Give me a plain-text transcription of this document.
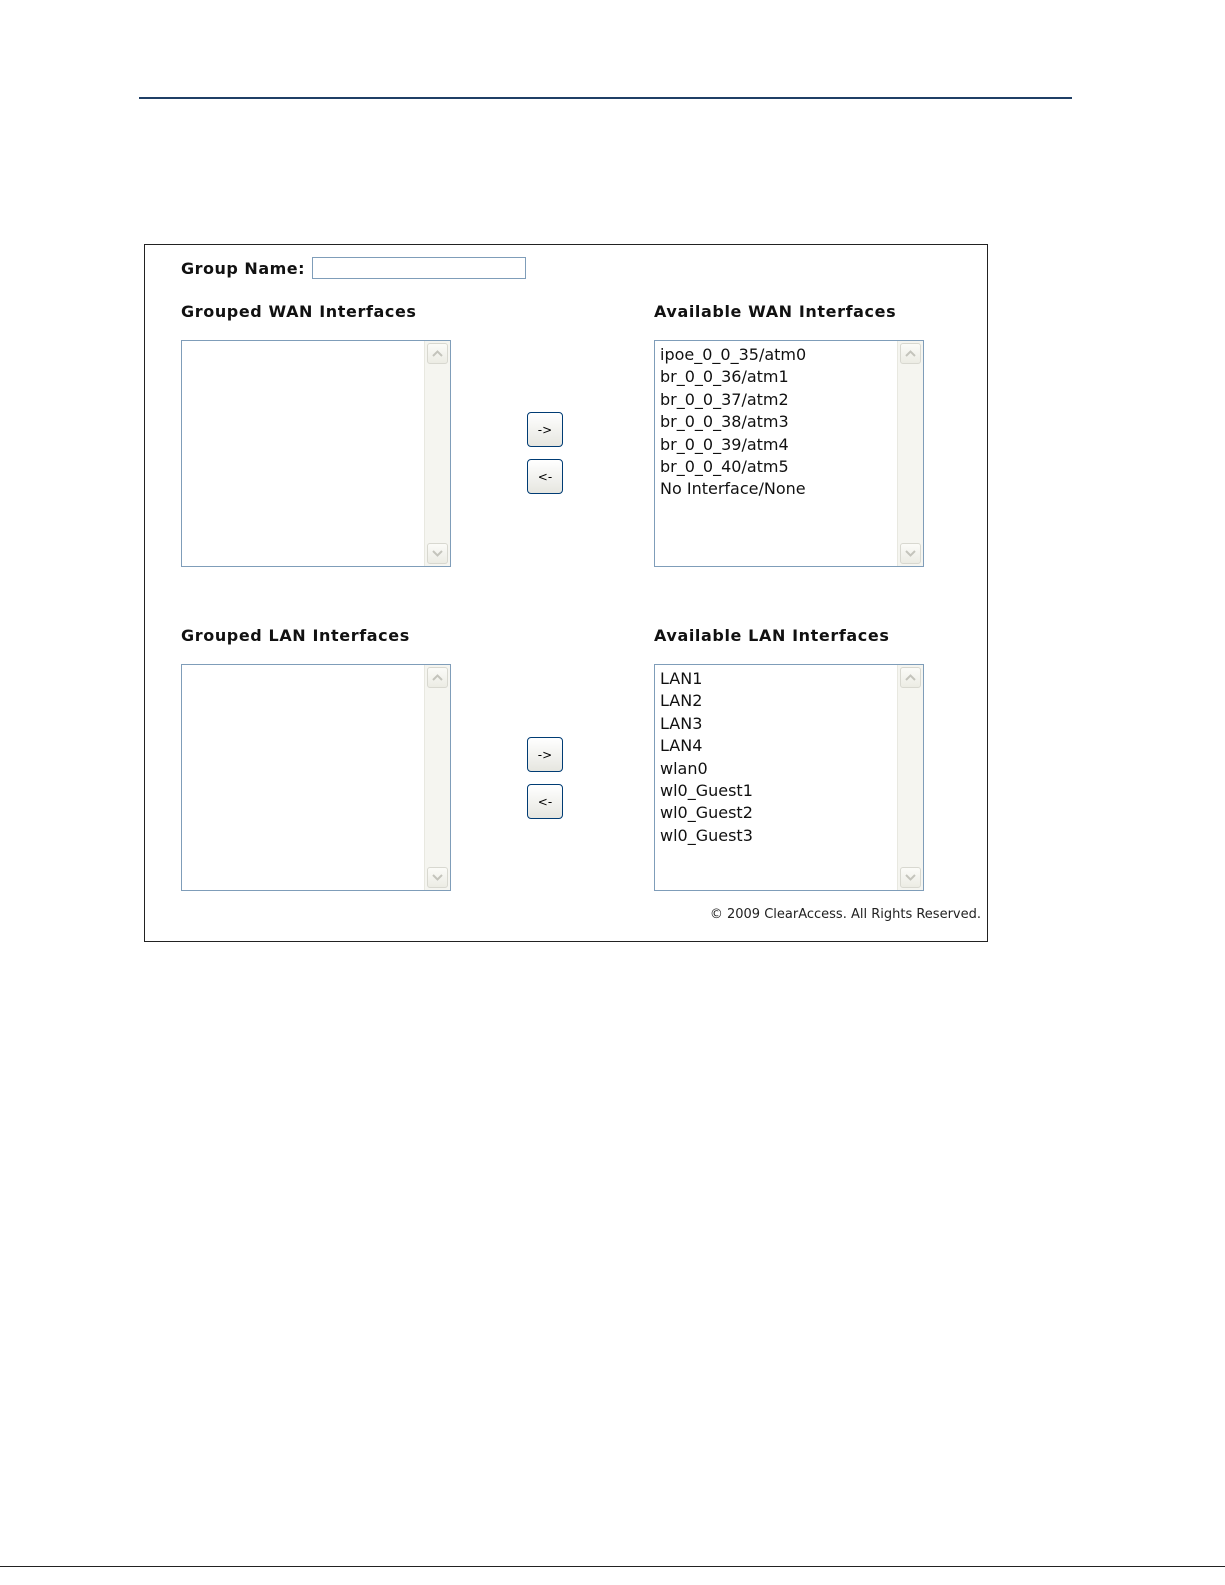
Group Name:
Grouped WAN Interfaces	Available WAN Interfaces
->
<-
ipoe_0_0_35/atm0
br_0_0_36/atm1
br_0_0_37/atm2
br_0_0_38/atm3
br_0_0_39/atm4
br_0_0_40/atm5
No Interface/None
Grouped LAN Interfaces	Available LAN Interfaces
->
<-
LAN1
LAN2
LAN3
LAN4
wlan0
wl0_Guest1
wl0_Guest2
wl0_Guest3
© 2009 ClearAccess. All Rights Reserved.
